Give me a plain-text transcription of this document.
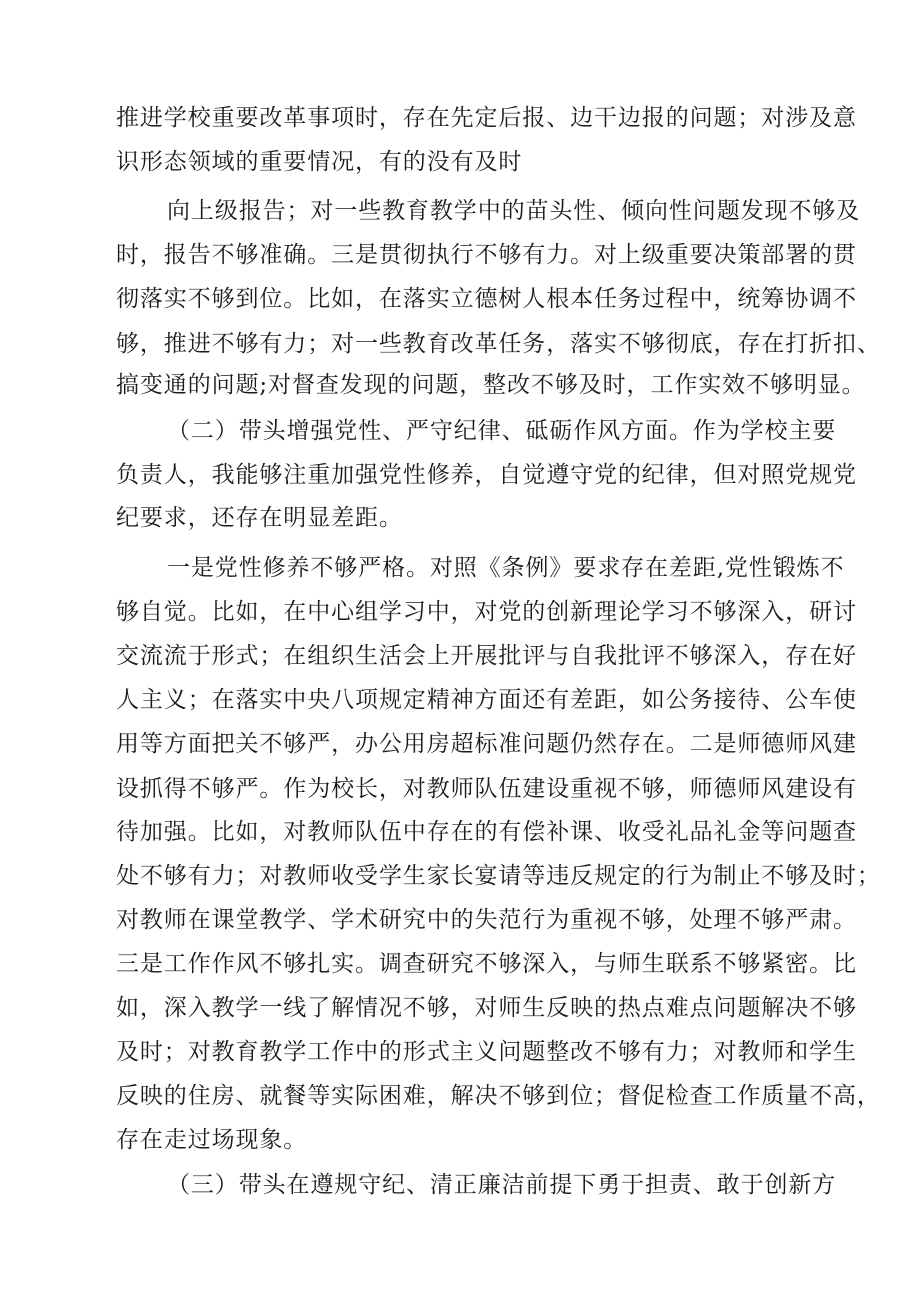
推进学校重要改革事项时，存在先定后报、边干边报的问题；对涉及意
识形态领域的重要情况，有的没有及时
向上级报告；对一些教育教学中的苗头性、倾向性问题发现不够及
时，报告不够准确。三是贯彻执行不够有力。对上级重要决策部署的贯
彻落实不够到位。比如，在落实立德树人根本任务过程中，统筹协调不
够，推进不够有力；对一些教育改革任务，落实不够彻底，存在打折扣、
搞变通的问题;对督查发现的问题，整改不够及时，工作实效不够明显。
（二）带头增强党性、严守纪律、砥砺作风方面。作为学校主要
负责人，我能够注重加强党性修养，自觉遵守党的纪律，但对照党规党
纪要求，还存在明显差距。
一是党性修养不够严格。对照《条例》要求存在差距,党性锻炼不
够自觉。比如，在中心组学习中，对党的创新理论学习不够深入，研讨
交流流于形式；在组织生活会上开展批评与自我批评不够深入，存在好
人主义；在落实中央八项规定精神方面还有差距，如公务接待、公车使
用等方面把关不够严，办公用房超标准问题仍然存在。二是师德师风建
设抓得不够严。作为校长，对教师队伍建设重视不够，师德师风建设有
待加强。比如，对教师队伍中存在的有偿补课、收受礼品礼金等问题查
处不够有力；对教师收受学生家长宴请等违反规定的行为制止不够及时；
对教师在课堂教学、学术研究中的失范行为重视不够，处理不够严肃。
三是工作作风不够扎实。调查研究不够深入，与师生联系不够紧密。比
如，深入教学一线了解情况不够，对师生反映的热点难点问题解决不够
及时；对教育教学工作中的形式主义问题整改不够有力；对教师和学生
反映的住房、就餐等实际困难，解决不够到位；督促检查工作质量不高，
存在走过场现象。
（三）带头在遵规守纪、清正廉洁前提下勇于担责、敢于创新方
